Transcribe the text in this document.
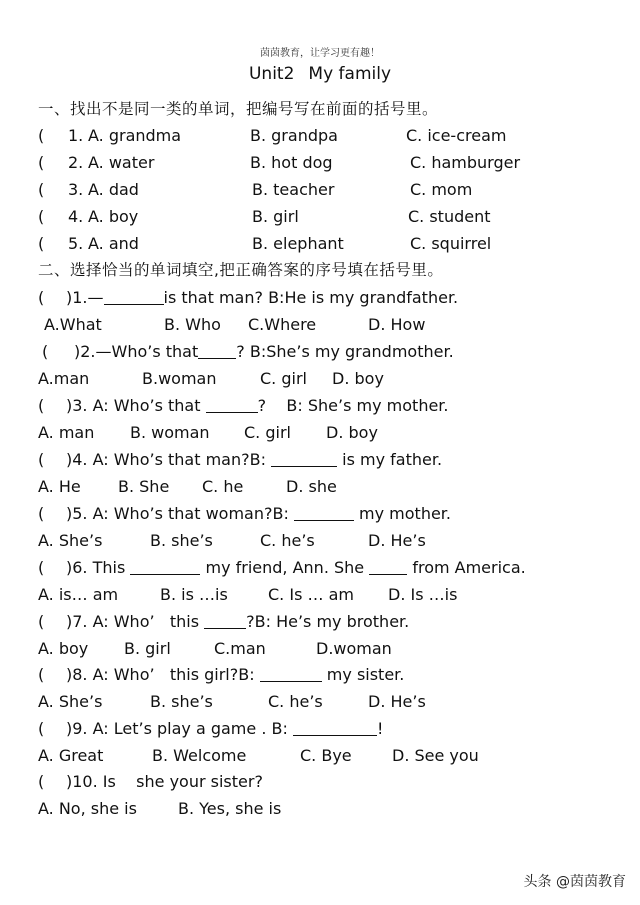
茵茵教育，让学习更有趣！
Unit2 My family
一、找出不是同一类的单词，把编号写在前面的括号里。
( 1. A. grandma	B. grandpa	C. ice-cream
( 2. A. water	B. hot dog	C. hamburger
( 3. A. dad	B. teacher	C. mom
( 4. A. boy	B. girl	C. student
( 5. A. and	B. elephant	C. squirrel
二、选择恰当的单词填空,把正确答案的序号填在括号里。
( )1.—	is that man? B:He is my grandfather.
A.What	B. Who C.Where	D. How
( )2.—Who’s that ? B:She’s my grandmother.
A.man	B.woman	C. girl D. boy
( )3. A: Who’s that	? B: She’s my mother.
A. man B. woman C. girl D. boy
( )4. A: Who’s that man?B:	is my father.
A. He B. She C. he	D. she
( )5. A: Who’s that woman?B:	my mother.
A. She’s	B. she’s	C. he’s	D. He’s
( )6. This	my friend, Ann. She	from America.
A. is… am	B. is …is	C. Is … am D. Is …is
( )7. A: Who’ this	?B: He’s my brother.
A. boy B. girl	C.man	D.woman
( )8. A: Who’ this girl?B:	my sister.
A. She’s	B. she’s	C. he’s	D. He’s
( )9. A: Let’s play a game . B:	!
A. Great	B. Welcome	C. Bye	D. See you
( )10. Is she your sister?
A. No, she is	B. Yes, she is
头条 @茵茵教育
